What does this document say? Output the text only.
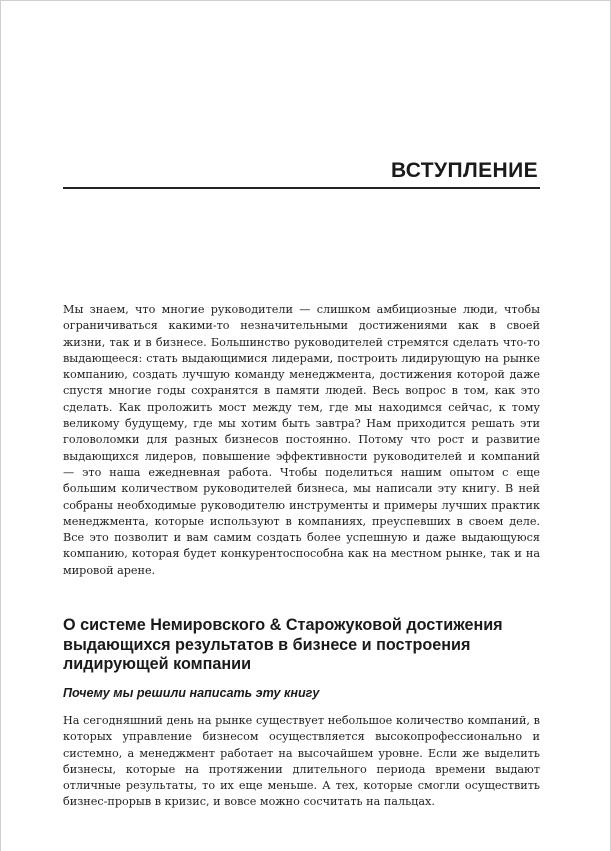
ВСТУПЛЕНИЕ

Мы знаем, что многие руководители — слишком амбициозные люди, чтобы ограничиваться какими-то незначительными достижениями как в своей жизни, так и в бизнесе. Большинство руководителей стремятся сделать что-то выдающееся: стать выдающимися лидерами, построить лидирующую на рынке компанию, создать лучшую команду менеджмента, достижения которой даже спустя многие годы сохранятся в памяти людей. Весь вопрос в том, как это сделать. Как проложить мост между тем, где мы находимся сейчас, к тому великому будущему, где мы хотим быть завтра? Нам приходится решать эти головоломки для разных бизнесов постоянно. Потому что рост и развитие выдающихся лидеров, повышение эффективности руководителей и компаний — это наша ежедневная работа. Чтобы поделиться нашим опытом с еще большим количеством руководителей бизнеса, мы написали эту книгу. В ней собраны необходимые руководителю инструменты и примеры лучших практик менеджмента, которые используют в компаниях, преуспевших в своем деле. Все это позволит и вам самим создать более успешную и даже выдающуюся компанию, которая будет конкурентоспособна как на местном рынке, так и на мировой арене.

О системе Немировского & Старожуковой достижения выдающихся результатов в бизнесе и построения лидирующей компании
Почему мы решили написать эту книгу

На сегодняшний день на рынке существует небольшое количество компаний, в которых управление бизнесом осуществляется высокопрофессионально и системно, а менеджмент работает на высочайшем уровне. Если же выделить бизнесы, которые на протяжении длительного периода времени выдают отличные результаты, то их еще меньше. А тех, которые смогли осуществить бизнес-прорыв в кризис, и вовсе можно сосчитать на пальцах.
